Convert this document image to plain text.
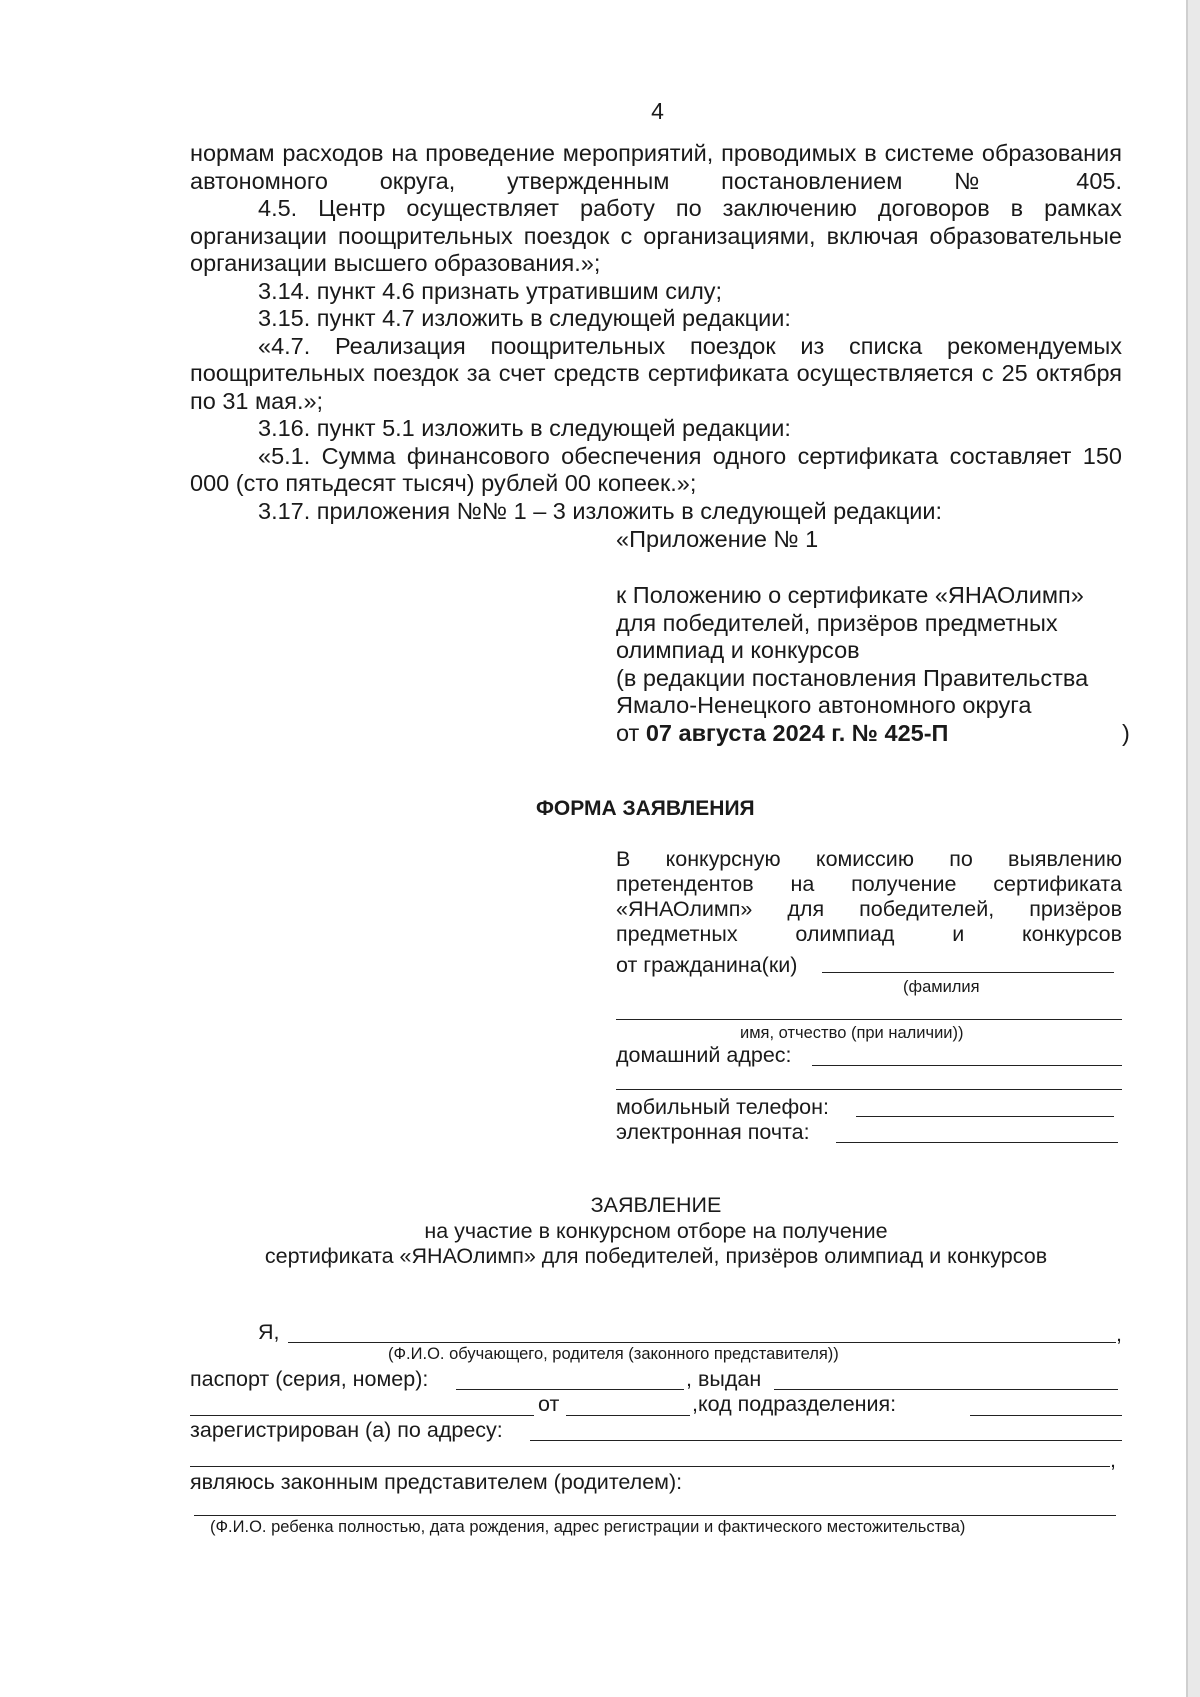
4

нормам расходов на проведение мероприятий, проводимых в системе образования автономного округа, утвержденным постановлением № 405.

4.5. Центр осуществляет работу по заключению договоров в рамках организации поощрительных поездок с организациями, включая образовательные организации высшего образования.»;

3.14. пункт 4.6 признать утратившим силу;

3.15. пункт 4.7 изложить в следующей редакции:

«4.7. Реализация поощрительных поездок из списка рекомендуемых поощрительных поездок за счет средств сертификата осуществляется с 25 октября по 31 мая.»;

3.16. пункт 5.1 изложить в следующей редакции:

«5.1. Сумма финансового обеспечения одного сертификата составляет 150 000 (сто пятьдесят тысяч) рублей 00 копеек.»;

3.17. приложения №№ 1 – 3 изложить в следующей редакции:

«Приложение № 1
к Положению о сертификате «ЯНАОлимп»
для победителей, призёров предметных
олимпиад и конкурсов
(в редакции постановления Правительства
Ямало-Ненецкого автономного округа
от 07 августа 2024 г. № 425-П	)
ФОРМА ЗАЯВЛЕНИЯ

В конкурсную комиссию по выявлению претендентов на получение сертификата «ЯНАОлимп» для победителей, призёров предметных олимпиад и конкурсов

от гражданина(ки)
(фамилия
имя, отчество (при наличии))
домашний адрес:
мобильный телефон:
электронная почта:
ЗАЯВЛЕНИЕ
на участие в конкурсном отборе на получение
сертификата «ЯНАОлимп» для победителей, призёров олимпиад и конкурсов
Я,	,
(Ф.И.О. обучающего, родителя (законного представителя))
паспорт (серия, номер):	, выдан
от	,код подразделения:
зарегистрирован (а) по адресу:
,
являюсь законным представителем (родителем):
(Ф.И.О. ребенка полностью, дата рождения, адрес регистрации и фактического местожительства)
